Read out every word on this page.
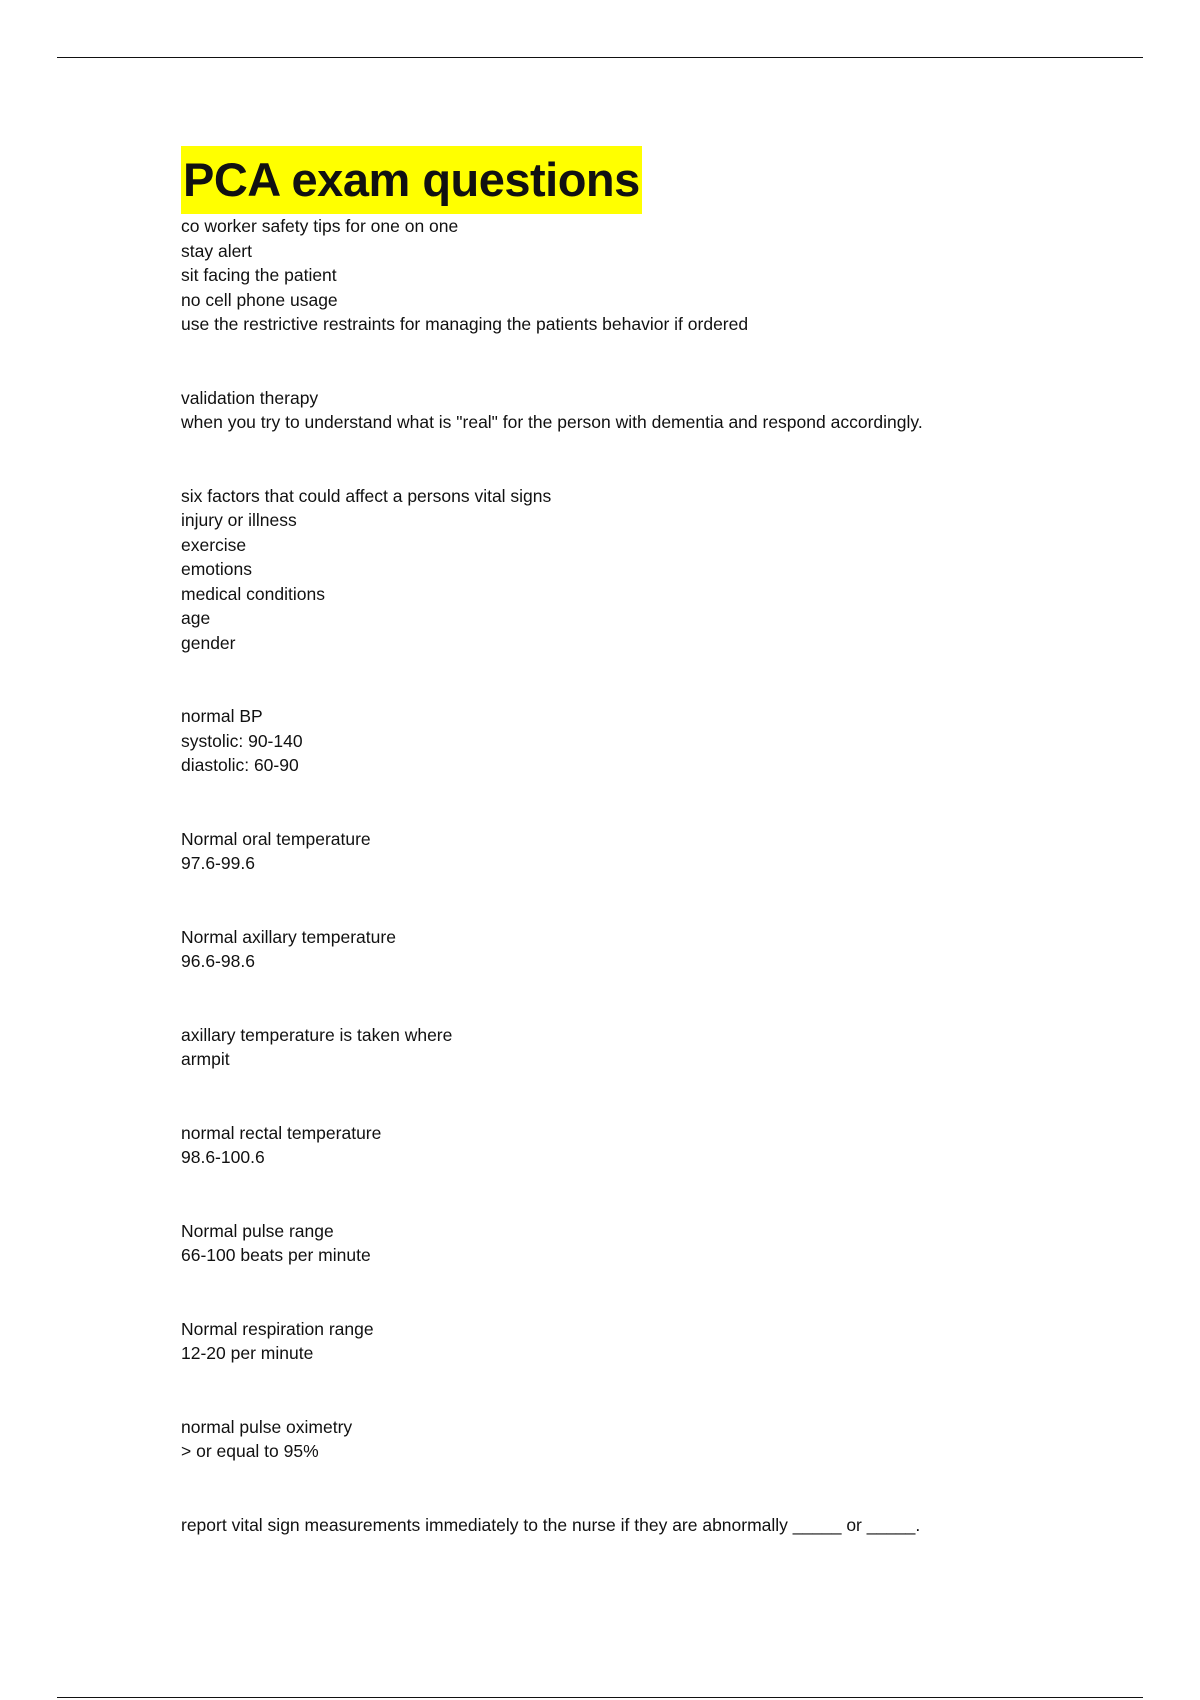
PCA exam questions
co worker safety tips for one on one
stay alert
sit facing the patient
no cell phone usage
use the restrictive restraints for managing the patients behavior if ordered
validation therapy
when you try to understand what is "real" for the person with dementia and respond accordingly.
six factors that could affect a persons vital signs
injury or illness
exercise
emotions
medical conditions
age
gender
normal BP
systolic: 90-140
diastolic: 60-90
Normal oral temperature
97.6-99.6
Normal axillary temperature
96.6-98.6
axillary temperature is taken where
armpit
normal rectal temperature
98.6-100.6
Normal pulse range
66-100 beats per minute
Normal respiration range
12-20 per minute
normal pulse oximetry
> or equal to 95%
report vital sign measurements immediately to the nurse if they are abnormally _____ or _____.
